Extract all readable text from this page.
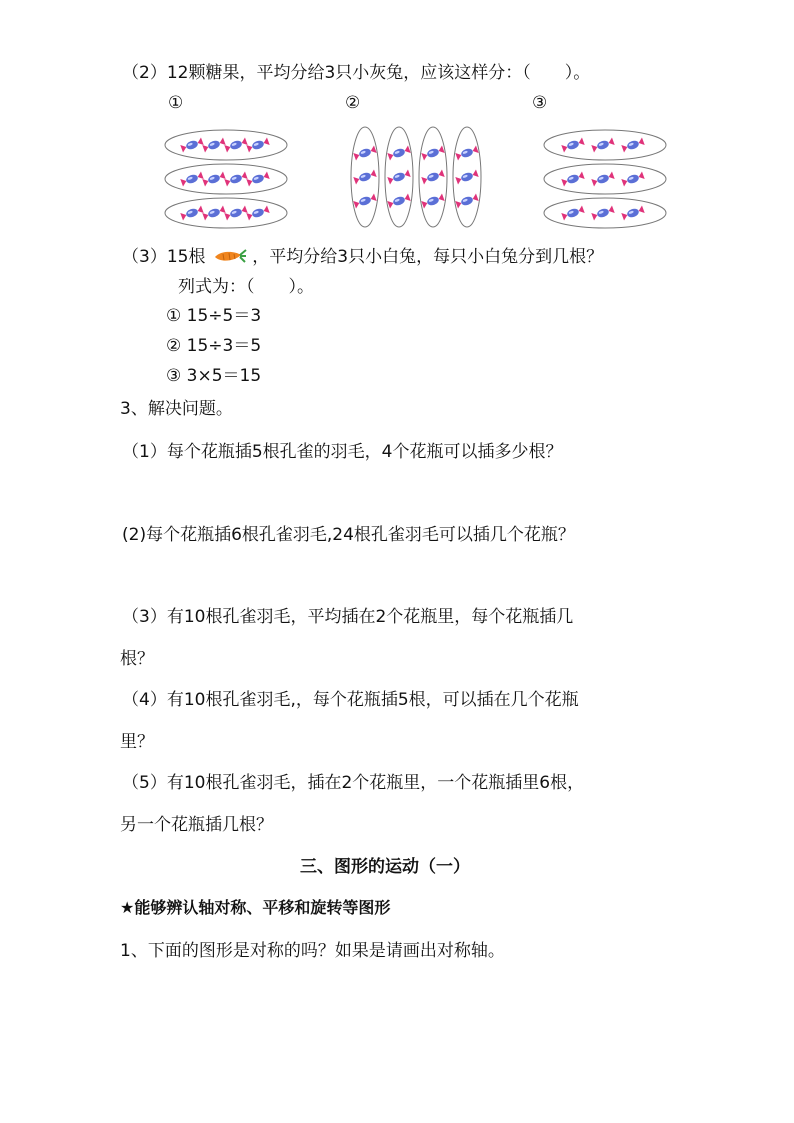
（2）12颗糖果，平均分给3只小灰兔，应该这样分：（　　）。
①	②	③
（3）15根	，平均分给3只小白兔，每只小白兔分到几根？
列式为：（　　）。
① 15÷5＝3
② 15÷3＝5
③ 3×5＝15
3、解决问题。
（1）每个花瓶插5根孔雀的羽毛，4个花瓶可以插多少根？
(2)每个花瓶插6根孔雀羽毛,24根孔雀羽毛可以插几个花瓶？
（3）有10根孔雀羽毛，平均插在2个花瓶里，每个花瓶插几
根？
（4）有10根孔雀羽毛,，每个花瓶插5根，可以插在几个花瓶
里？
（5）有10根孔雀羽毛，插在2个花瓶里，一个花瓶插里6根，
另一个花瓶插几根？
三、图形的运动（一）
★能够辨认轴对称、平移和旋转等图形
1、下面的图形是对称的吗？如果是请画出对称轴。
